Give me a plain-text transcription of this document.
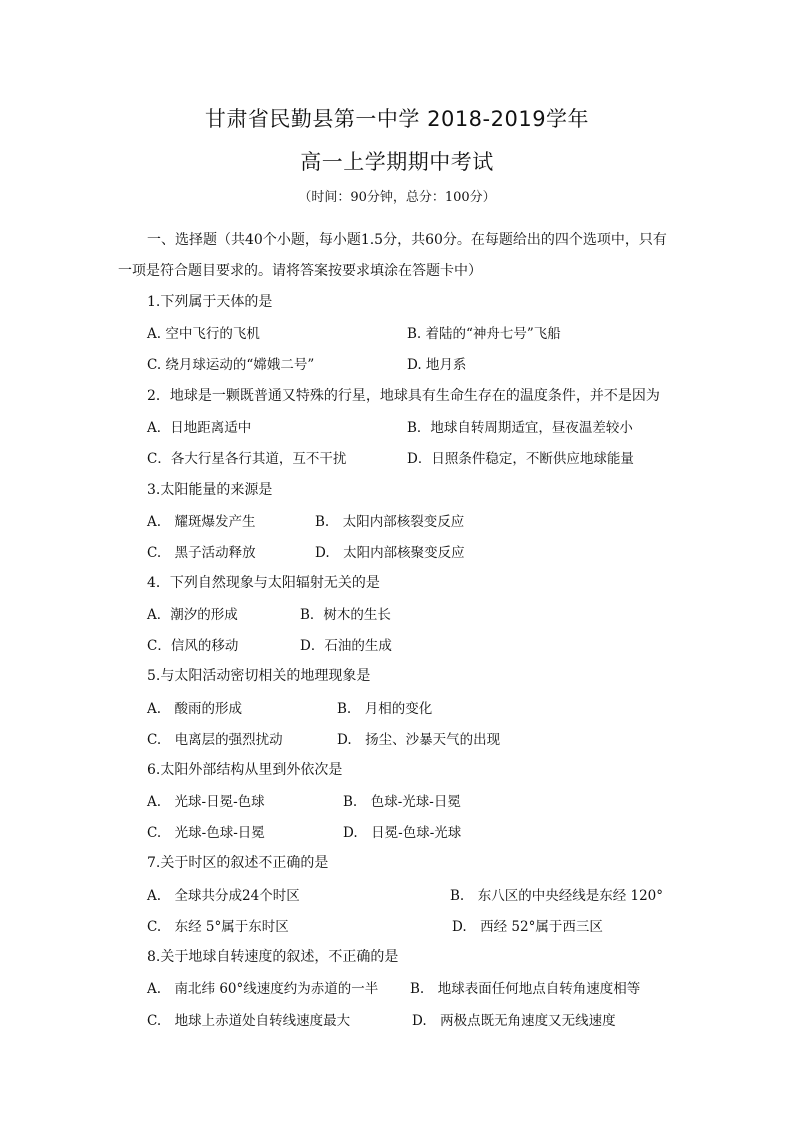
甘肃省民勤县第一中学 2018-2019学年
高一上学期期中考试
（时间：90分钟，总分：100分）
一、选择题（共40个小题，每小题1.5分，共60分。在每题给出的四个选项中，只有
一项是符合题目要求的。请将答案按要求填涂在答题卡中）
1.下列属于天体的是
A. 空中飞行的飞机	B. 着陆的“神舟七号”飞船
C. 绕月球运动的“嫦娥二号”	D. 地月系
2．地球是一颗既普通又特殊的行星，地球具有生命生存在的温度条件，并不是因为
A．日地距离适中	B．地球自转周期适宜，昼夜温差较小
C．各大行星各行其道，互不干扰	D．日照条件稳定，不断供应地球能量
3.太阳能量的来源是
A.　耀斑爆发产生	B.　太阳内部核裂变反应
C.　黑子活动释放	D.　太阳内部核聚变反应
4．下列自然现象与太阳辐射无关的是
A．潮汐的形成	B．树木的生长
C．信风的移动	D．石油的生成
5.与太阳活动密切相关的地理现象是
A.　酸雨的形成	B.　月相的变化
C.　电离层的强烈扰动	D.　扬尘、沙暴天气的出现
6.太阳外部结构从里到外依次是
A.　光球-日冕-色球	B.　色球-光球-日冕
C.　光球-色球-日冕	D.　日冕-色球-光球
7.关于时区的叙述不正确的是
A.　全球共分成24个时区	B.　东八区的中央经线是东经 120°
C.　东经 5°属于东时区	D.　西经 52°属于西三区
8.关于地球自转速度的叙述，不正确的是
A.　南北纬 60°线速度约为赤道的一半 B.　地球表面任何地点自转角速度相等
C.　地球上赤道处自转线速度最大	D.　两极点既无角速度又无线速度
